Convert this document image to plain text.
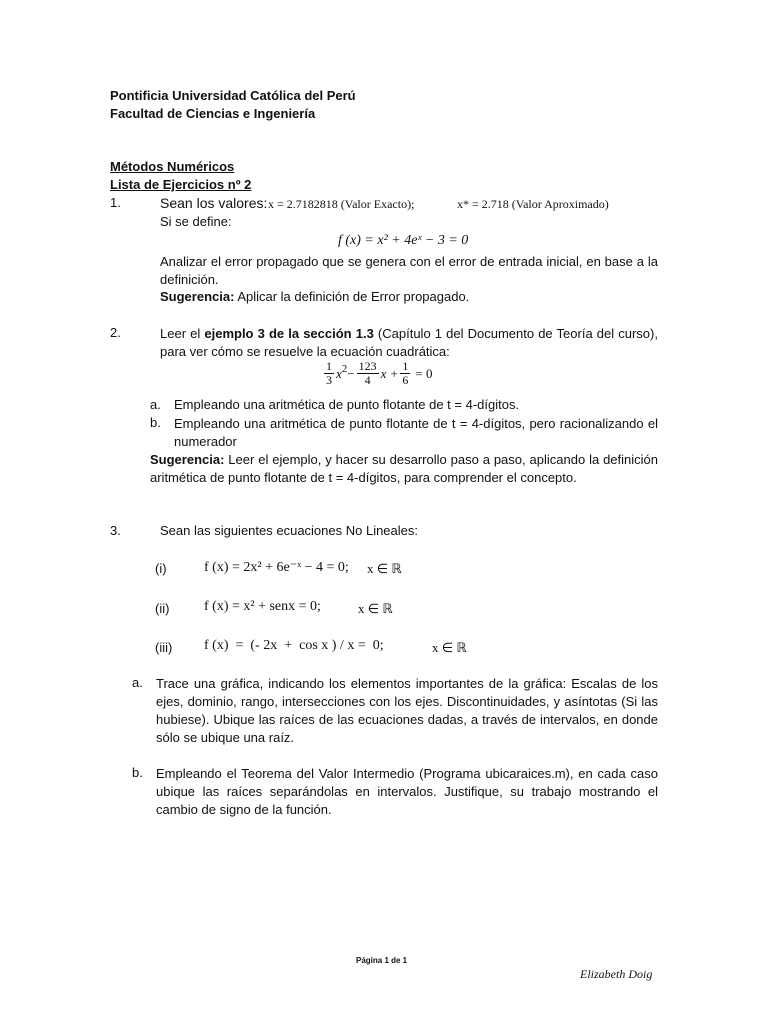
Pontificia Universidad Católica del Perú
Facultad de Ciencias e Ingeniería
Métodos Numéricos
Lista de Ejercicios nº 2
1.	Sean los valores: x = 2.7182818 (Valor Exacto);	x* = 2.718 (Valor Aproximado)
Si se define:
f (x) = x² + 4eˣ − 3 = 0
Analizar el error propagado que se genera con el error de entrada inicial, en base a la definición.
Sugerencia: Aplicar la definición de Error propagado.
2.	Leer el ejemplo 3 de la sección 1.3 (Capítulo 1 del Documento de Teoría del curso), para ver cómo se resuelve la ecuación cuadrática:
$\frac{1}{3}$ x $2 - \frac{123}{4}$ $x + \frac{1}{6} = 0$
a. Empleando una aritmética de punto flotante de t = 4-dígitos.
b. Empleando una aritmética de punto flotante de t = 4-dígitos, pero racionalizando el numerador
Sugerencia: Leer el ejemplo, y hacer su desarrollo paso a paso, aplicando la definición aritmética de punto flotante de t = 4-dígitos, para comprender el concepto.
3.	Sean las siguientes ecuaciones No Lineales:
(i)	f (x) = 2x² + 6e⁻ˣ − 4 = 0; x ∈ ℝ
(ii) f (x) = x² + senx = 0;	x ∈ ℝ
(iii) f (x)  =  (- 2x  +  cos x ) / x =  0;	x ∈ ℝ
a. Trace una gráfica, indicando los elementos importantes de la gráfica: Escalas de los ejes, dominio, rango, intersecciones con los ejes. Discontinuidades, y asíntotas (Si las hubiese). Ubique las raíces de las ecuaciones dadas, a través de intervalos, en donde sólo se ubique una raíz.
b. Empleando el Teorema del Valor Intermedio (Programa ubicaraices.m), en cada caso ubique las raíces separándolas en intervalos. Justifique, su trabajo mostrando el cambio de signo de la función.
Página 1 de 1
Elizabeth Doig
